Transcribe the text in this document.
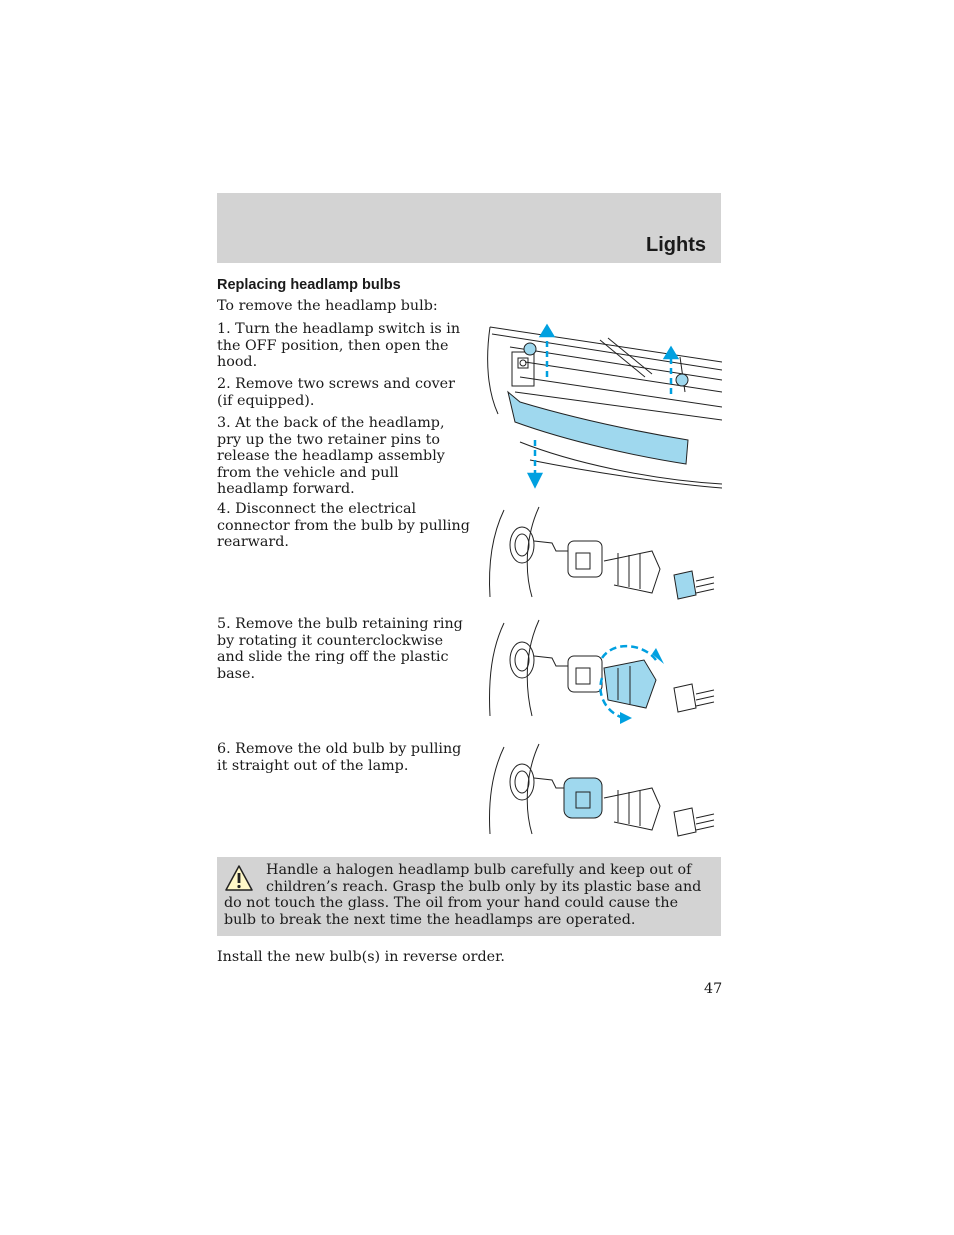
Lights
Replacing headlamp bulbs
To remove the headlamp bulb:
1. Turn the headlamp switch is in the OFF position, then open the hood.
2. Remove two screws and cover (if equipped).
3. At the back of the headlamp, pry up the two retainer pins to release the headlamp assembly from the vehicle and pull headlamp forward.
4. Disconnect the electrical connector from the bulb by pulling rearward.
5. Remove the bulb retaining ring by rotating it counterclockwise and slide the ring off the plastic base.
6. Remove the old bulb by pulling it straight out of the lamp.
Handle a halogen headlamp bulb carefully and keep out of children’s reach. Grasp the bulb only by its plastic base and do not touch the glass. The oil from your hand could cause the bulb to break the next time the headlamps are operated.
Install the new bulb(s) in reverse order.
47
